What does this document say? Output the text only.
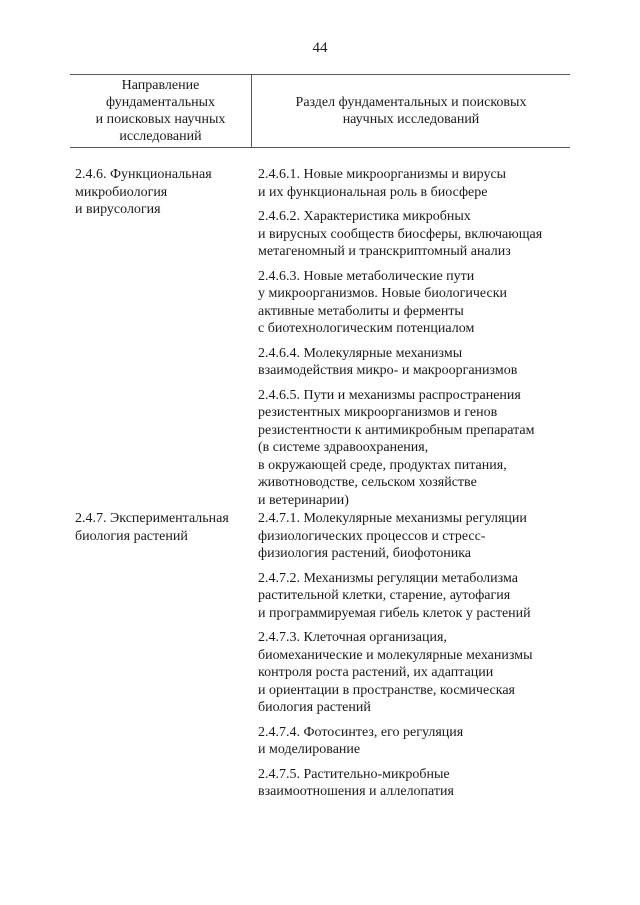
44
Направление
фундаментальных
и поисковых научных
исследований
Раздел фундаментальных и поисковых
научных исследований
2.4.6. Функциональная
микробиология
и вирусология
2.4.6.1. Новые микроорганизмы и вирусы
и их функциональная роль в биосфере
2.4.6.2. Характеристика микробных
и вирусных сообществ биосферы, включающая
метагеномный и транскриптомный анализ
2.4.6.3. Новые метаболические пути
у микроорганизмов. Новые биологически
активные метаболиты и ферменты
с биотехнологическим потенциалом
2.4.6.4. Молекулярные механизмы
взаимодействия микро- и макроорганизмов
2.4.6.5. Пути и механизмы распространения
резистентных микроорганизмов и генов
резистентности к антимикробным препаратам
(в системе здравоохранения,
в окружающей среде, продуктах питания,
животноводстве, сельском хозяйстве
и ветеринарии)
2.4.7. Экспериментальная
биология растений
2.4.7.1. Молекулярные механизмы регуляции
физиологических процессов и стресс-
физиология растений, биофотоника
2.4.7.2. Механизмы регуляции метаболизма
растительной клетки, старение, аутофагия
и программируемая гибель клеток у растений
2.4.7.3. Клеточная организация,
биомеханические и молекулярные механизмы
контроля роста растений, их адаптации
и ориентации в пространстве, космическая
биология растений
2.4.7.4. Фотосинтез, его регуляция
и моделирование
2.4.7.5. Растительно-микробные
взаимоотношения и аллелопатия
